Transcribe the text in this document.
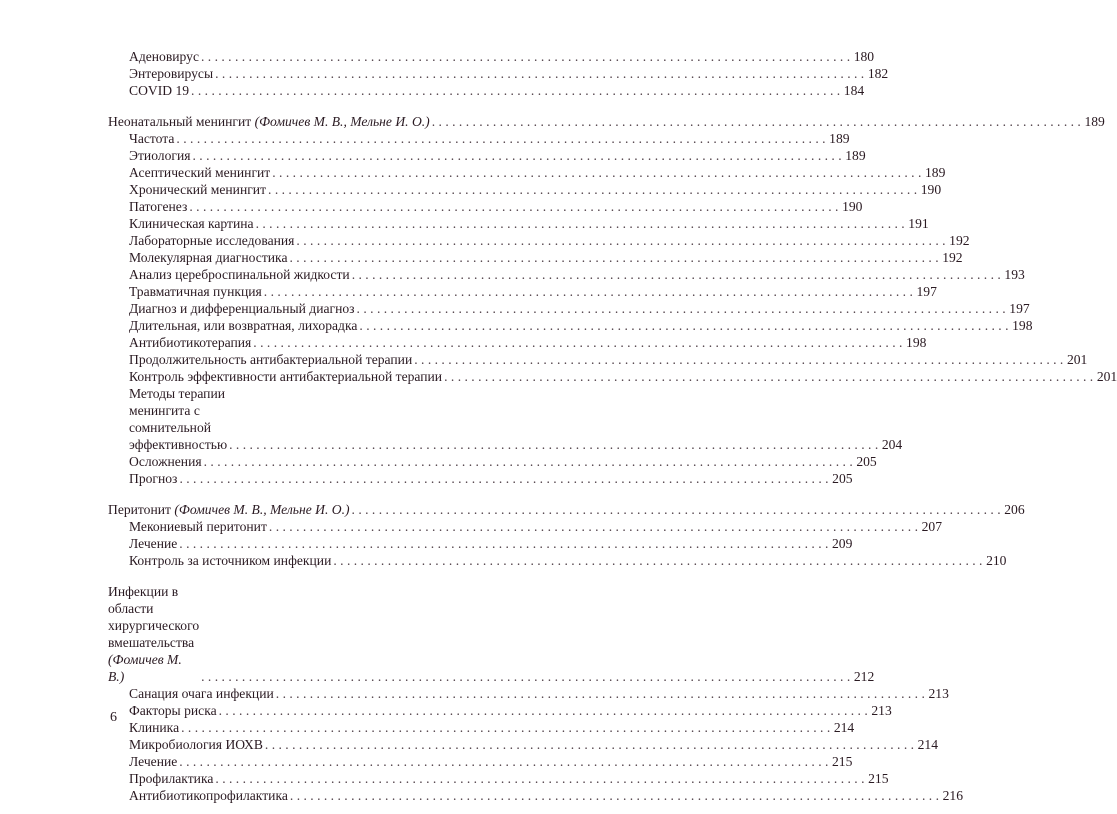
Аденовирус . . .	180
Энтеровирусы . . .	182
COVID 19 . . .	184
Неонатальный менингит (Фомичев М. В., Мельне И. О.) . . .	189
Частота . . .	189
Этиология . . .	189
Асептический менингит . . .	189
Хронический менингит . . .	190
Патогенез . . .	190
Клиническая картина . . .	191
Лабораторные исследования . . .	192
Молекулярная диагностика . . .	192
Анализ цереброспинальной жидкости . . .	193
Травматичная пункция . . .	197
Диагноз и дифференциальный диагноз . . .	197
Длительная, или возвратная, лихорадка . . .	198
Антибиотикотерапия . . .	198
Продолжительность антибактериальной терапии . . .	201
Контроль эффективности антибактериальной терапии . . .	201
Методы терапии менингита с сомнительной эффективностью . . .	204
Осложнения . . .	205
Прогноз . . .	205
Перитонит (Фомичев М. В., Мельне И. О.) . . .	206
Мекониевый перитонит . . .	207
Лечение . . .	209
Контроль за источником инфекции . . .	210
Инфекции в области хирургического вмешательства
(Фомичев М. В.) . . .	212
Санация очага инфекции . . .	213
Факторы риска . . .	213
Клиника . . .	214
Микробиология ИОХВ . . .	214
Лечение . . .	215
Профилактика . . .	215
Антибиотикопрофилактика . . .	216
6
